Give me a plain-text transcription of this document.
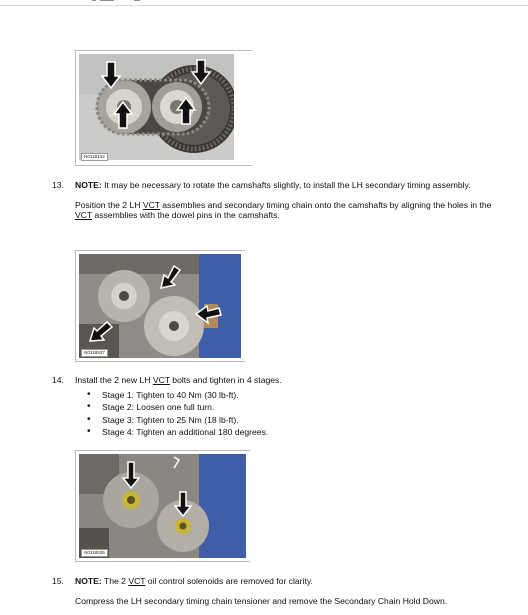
N0118132
13.	NOTE: It may be necessary to rotate the camshafts slightly, to install the LH secondary timing assembly.

Position the 2 LH VCT assemblies and secondary timing chain onto the camshafts by aligning the holes in the VCT assemblies with the dowel pins in the camshafts.

N0118537
14.	Install the 2 new LH VCT bolts and tighten in 4 stages.

• Stage 1: Tighten to 40 Nm (30 lb-ft).
• Stage 2: Loosen one full turn.
• Stage 3: Tighten to 25 Nm (18 lb-ft).
• Stage 4: Tighten an additional 180 degrees.
N0118536
15.	NOTE: The 2 VCT oil control solenoids are removed for clarity.

Compress the LH secondary timing chain tensioner and remove the Secondary Chain Hold Down.
